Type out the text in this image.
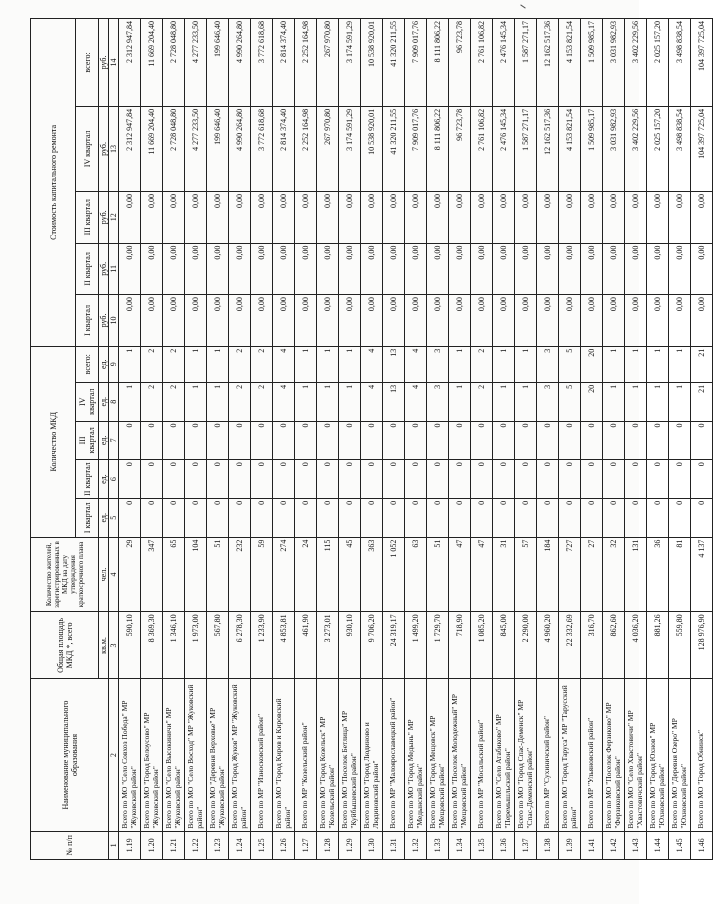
№ п/п	Наименование муниципального образования	Общая площадь МКД *, всего	Количество жителей, зарегистрированных в МКД на дату утверждения краткосрочного плана	Количество МКД					Стоимость капитального ремонта				
				I квартал	II квартал	III квартал	IV квартал	всего:	I квартал	II квартал	III квартал	IV квартал	всего:
		кв.м.	чел.	ед.	ед.	ед.	ед.	ед.	руб.	руб.	руб.	руб.	руб.
1	2	3	4	5	6	7	8	9	10	11	12	13	14
1.19	Всего по МО "Село Совхоз Победа" МР "Жуковский район"	590,10	29	0	0	0	1	1	0,00	0,00	0,00	2 312 947,84	2 312 947,84
1.20	Всего по МО "Город Белоусово" МР "Жуковский район"	8 369,30	347	0	0	0	2	2	0,00	0,00	0,00	11 669 204,40	11 669 204,40
1.21	Всего по МО "Село Высокиничи" МР "Жуковский район"	1 346,10	65	0	0	0	2	2	0,00	0,00	0,00	2 728 048,80	2 728 048,80
1.22	Всего по МО "Село Восход" МР "Жуковский район"	1 973,00	104	0	0	0	1	1	0,00	0,00	0,00	4 277 233,50	4 277 233,50
1.23	Всего по МО "Деревня Верховье" МР "Жуковский район"	567,80	51	0	0	0	1	1	0,00	0,00	0,00	199 646,40	199 646,40
1.24	Всего по МО "Город Жуков" МР "Жуковский район"	6 278,30	232	0	0	0	2	2	0,00	0,00	0,00	4 990 264,80	4 990 264,80
1.25	Всего по МР "Износковский район"	1 233,90	59	0	0	0	2	2	0,00	0,00	0,00	3 772 618,68	3 772 618,68
1.26	Всего по МО "Город Киров и Кировский район"	4 853,81	274	0	0	0	4	4	0,00	0,00	0,00	2 814 374,40	2 814 374,40
1.27	Всего по МР "Козельский район"	461,90	24	0	0	0	1	1	0,00	0,00	0,00	2 252 164,98	2 252 164,98
1.28	Всего по МО "Город Козельск" МР "Козельский район"	3 273,01	115	0	0	0	1	1	0,00	0,00	0,00	267 970,80	267 970,80
1.29	Всего по МО "Поселок Бетлица" МР "Куйбышевский район"	930,10	45	0	0	0	1	1	0,00	0,00	0,00	3 174 591,29	3 174 591,29
1.30	Всего по МО "Город Людиново и Людиновский район"	9 706,20	363	0	0	0	4	4	0,00	0,00	0,00	10 538 920,01	10 538 920,01
1.31	Всего по МР "Малоярославецкий район"	24 319,17	1 052	0	0	0	13	13	0,00	0,00	0,00	41 320 211,55	41 320 211,55
1.32	Всего по МО "Город Медынь" МР "Медынский район"	1 499,20	63	0	0	0	4	4	0,00	0,00	0,00	7 909 017,76	7 909 017,76
1.33	Всего по МО "Город Мещовск" МР "Мещовский район"	1 729,70	51	0	0	0	3	3	0,00	0,00	0,00	8 111 806,22	8 111 806,22
1.34	Всего по МО "Поселок Молодежный" МР "Мещовский район"	718,90	47	0	0	0	1	1	0,00	0,00	0,00	96 723,78	96 723,78
1.35	Всего по МР "Мосальский район"	1 085,20	47	0	0	0	2	2	0,00	0,00	0,00	2 761 106,82	2 761 106,82
1.36	Всего по МО "Село Атабиково" МР "Перемышльский район"	845,00	31	0	0	0	1	1	0,00	0,00	0,00	2 476 145,34	2 476 145,34
1.37	Всего по МО "Город Спас-Деменск" МР "Спас-Деменский район"	2 290,00	57	0	0	0	1	1	0,00	0,00	0,00	1 587 271,17	1 587 271,17
1.38	Всего по МР "Сухиничский район"	4 960,20	184	0	0	0	3	3	0,00	0,00	0,00	12 162 517,36	12 162 517,36
1.39	Всего по МО "Город Таруса" МР "Тарусский район"	22 332,69	727	0	0	0	5	5	0,00	0,00	0,00	4 153 821,54	4 153 821,54
1.41	Всего по МР "Ульяновский район"	316,70	27	0	0	0	20	20	0,00	0,00	0,00	1 509 985,17	1 509 985,17
1.42	Всего по МО "Поселок Ферзиково" МР "Ферзиковский район"	862,60	32	0	0	0	1	1	0,00	0,00	0,00	3 031 982,93	3 031 982,93
1.43	Всего по МО "Село Хвастовичи" МР "Хвастовичский район"	4 036,20	131	0	0	0	1	1	0,00	0,00	0,00	3 402 229,56	3 402 229,56
1.44	Всего по МО "Город Юхнов" МР "Юхновский район"	881,26	36	0	0	0	1	1	0,00	0,00	0,00	2 025 157,20	2 025 157,20
1.45	Всего по МО "Деревня Озеро" МР "Юхновский район"	559,80	81	0	0	0	1	1	0,00	0,00	0,00	3 498 838,54	3 498 838,54
1.46	Всего по МО "Город Обнинск"	128 976,90	4 137	0	0	0	21	21	0,00	0,00	0,00	104 397 725,04	104 397 725,04
